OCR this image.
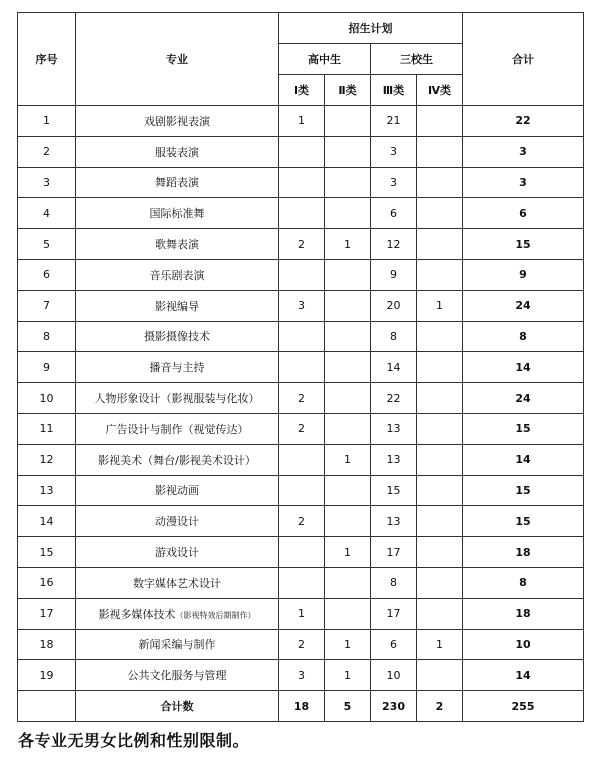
序号	专业	招生计划				合计
		高中生		三校生		
		Ⅰ类	Ⅱ类	Ⅲ类	Ⅳ类	
1	戏剧影视表演	1		21		22
2	服装表演			3		3
3	舞蹈表演			3		3
4	国际标准舞			6		6
5	歌舞表演	2	1	12		15
6	音乐剧表演			9		9
7	影视编导	3		20	1	24
8	摄影摄像技术			8		8
9	播音与主持			14		14
10	人物形象设计（影视服装与化妆）	2		22		24
11	广告设计与制作（视觉传达）	2		13		15
12	影视美术（舞台/影视美术设计）		1	13		14
13	影视动画			15		15
14	动漫设计	2		13		15
15	游戏设计		1	17		18
16	数字媒体艺术设计			8		8
17	影视多媒体技术（影视特效后期制作）	1		17		18
18	新闻采编与制作	2	1	6	1	10
19	公共文化服务与管理	3	1	10		14
	合计数	18	5	230	2	255
各专业无男女比例和性别限制。
